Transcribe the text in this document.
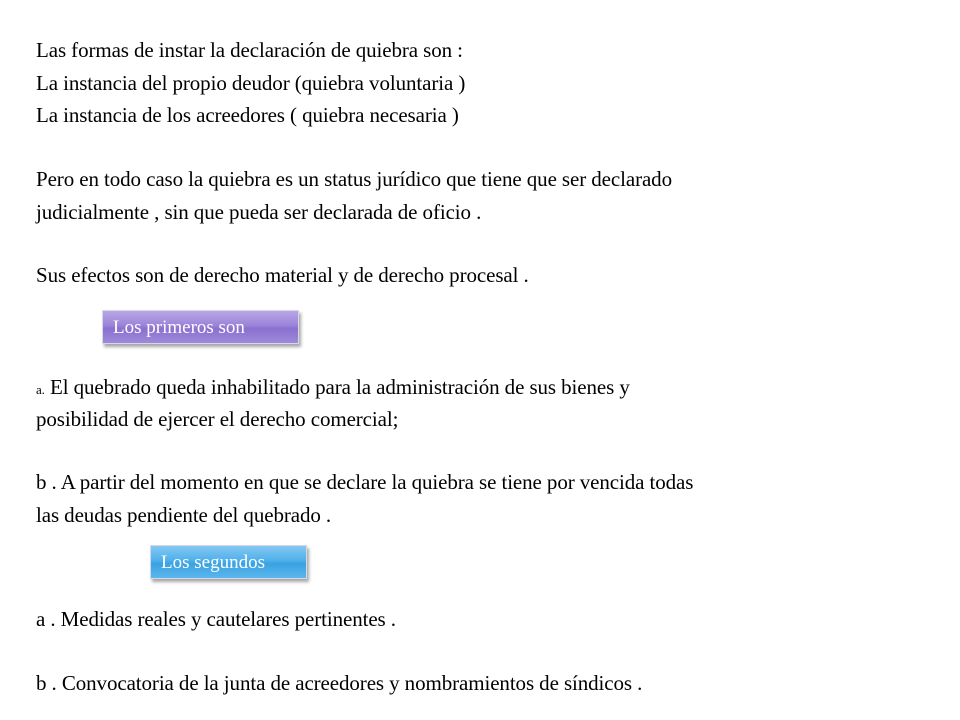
Las formas de instar la declaración de quiebra son :
La instancia del propio deudor (quiebra voluntaria )
La instancia de los acreedores ( quiebra necesaria )
Pero en todo caso la quiebra es un status jurídico que tiene que ser declarado
judicialmente , sin que pueda ser declarada de oficio .
Sus efectos son de derecho material y de derecho procesal .
Los primeros son
a. El quebrado queda inhabilitado para la administración de sus bienes y
posibilidad de ejercer el derecho comercial;
b . A partir del momento en que se declare la quiebra se tiene por vencida todas
las deudas pendiente del quebrado .
Los segundos
a . Medidas reales y cautelares pertinentes .
b . Convocatoria de la junta de acreedores y nombramientos de síndicos .
